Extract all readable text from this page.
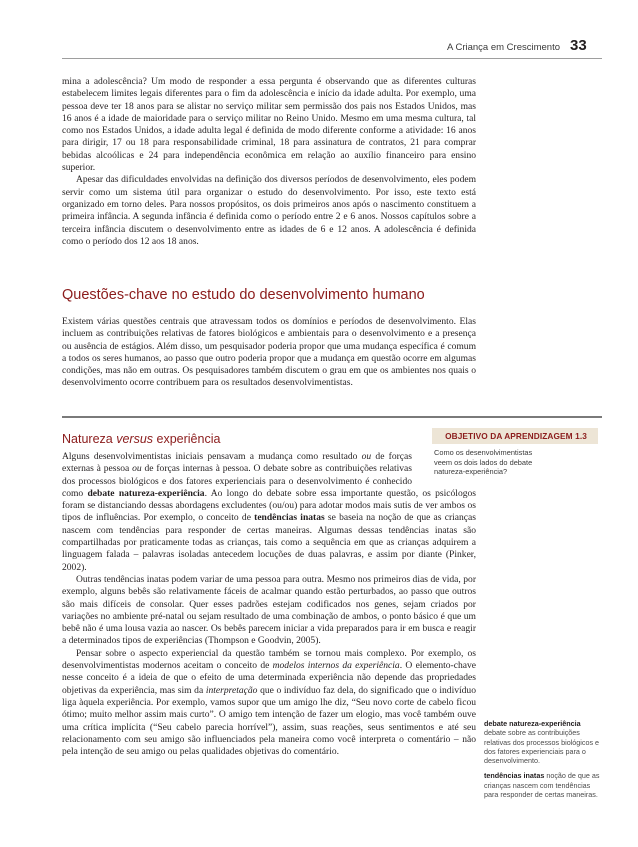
A Criança em Crescimento 33

mina a adolescência? Um modo de responder a essa pergunta é observando que as diferentes culturas estabelecem limites legais diferentes para o fim da adolescência e início da idade adulta. Por exemplo, uma pessoa deve ter 18 anos para se alistar no serviço militar sem permissão dos pais nos Estados Unidos, mas 16 anos é a idade de maioridade para o serviço militar no Reino Unido. Mesmo em uma mesma cultura, tal como nos Estados Unidos, a idade adulta legal é definida de modo diferente conforme a atividade: 16 anos para dirigir, 17 ou 18 para responsabilidade criminal, 18 para assinatura de contratos, 21 para comprar bebidas alcoólicas e 24 para independência econômica em relação ao auxílio financeiro para ensino superior.

Apesar das dificuldades envolvidas na definição dos diversos períodos de desenvolvimento, eles podem servir como um sistema útil para organizar o estudo do desenvolvimento. Por isso, este texto está organizado em torno deles. Para nossos propósitos, os dois primeiros anos após o nascimento constituem a primeira infância. A segunda infância é definida como o período entre 2 e 6 anos. Nossos capítulos sobre a terceira infância discutem o desenvolvimento entre as idades de 6 e 12 anos. A adolescência é definida como o período dos 12 aos 18 anos.

Questões-chave no estudo do desenvolvimento humano

Existem várias questões centrais que atravessam todos os domínios e períodos de desenvolvimento. Elas incluem as contribuições relativas de fatores biológicos e ambientais para o desenvolvimento e a presença ou ausência de estágios. Além disso, um pesquisador poderia propor que uma mudança específica é comum a todos os seres humanos, ao passo que outro poderia propor que a mudança em questão ocorre em algumas condições, mas não em outras. Os pesquisadores também discutem o grau em que os ambientes nos quais o desenvolvimento ocorre contribuem para os resultados desenvolvimentistas.

Natureza versus experiência	OBJETIVO DA APRENDIZAGEM 1.3
Como os desenvolvimentistas veem os dois lados do debate natureza-experiência?

Alguns desenvolvimentistas iniciais pensavam a mudança como resultado ou de forças externas à pessoa ou de forças internas à pessoa. O debate sobre as contribuições relativas dos processos biológicos e dos fatores experienciais para o desenvolvimento é conhecido como debate natureza-experiência. Ao longo do debate sobre essa importante questão, os psicólogos foram se distanciando dessas abordagens excludentes (ou/ou) para adotar modos mais sutis de ver ambos os tipos de influências. Por exemplo, o conceito de tendências inatas se baseia na noção de que as crianças nascem com tendências para responder de certas maneiras. Algumas dessas tendências inatas são compartilhadas por praticamente todas as crianças, tais como a sequência em que as crianças adquirem a linguagem falada – palavras isoladas antecedem locuções de duas palavras, e assim por diante (Pinker, 2002).

Outras tendências inatas podem variar de uma pessoa para outra. Mesmo nos primeiros dias de vida, por exemplo, alguns bebês são relativamente fáceis de acalmar quando estão perturbados, ao passo que outros são mais difíceis de consolar. Quer esses padrões estejam codificados nos genes, sejam criados por variações no ambiente pré-natal ou sejam resultado de uma combinação de ambos, o ponto básico é que um bebê não é uma lousa vazia ao nascer. Os bebês parecem iniciar a vida preparados para ir em busca e reagir a determinados tipos de experiências (Thompson e Goodvin, 2005).

Pensar sobre o aspecto experiencial da questão também se tornou mais complexo. Por exemplo, os desenvolvimentistas modernos aceitam o conceito de modelos internos da experiência. O elemento-chave nesse conceito é a ideia de que o efeito de uma determinada experiência não depende das propriedades objetivas da experiência, mas sim da interpretação que o indivíduo faz dela, do significado que o indivíduo liga àquela experiência. Por exemplo, vamos supor que um amigo lhe diz, “Seu novo corte de cabelo ficou ótimo; muito melhor assim mais curto”. O amigo tem intenção de fazer um elogio, mas você também ouve uma crítica implícita (“Seu cabelo parecia horrível”), assim, suas reações, seus sentimentos e até seu relacionamento com seu amigo são influenciados pela maneira como você interpreta o comentário – não pela intenção de seu amigo ou pelas qualidades objetivas do comentário.

debate natureza-experiência debate sobre as contribuições relativas dos processos biológicos e dos fatores experienciais para o desenvolvimento.

tendências inatas noção de que as crianças nascem com tendências para responder de certas maneiras.
